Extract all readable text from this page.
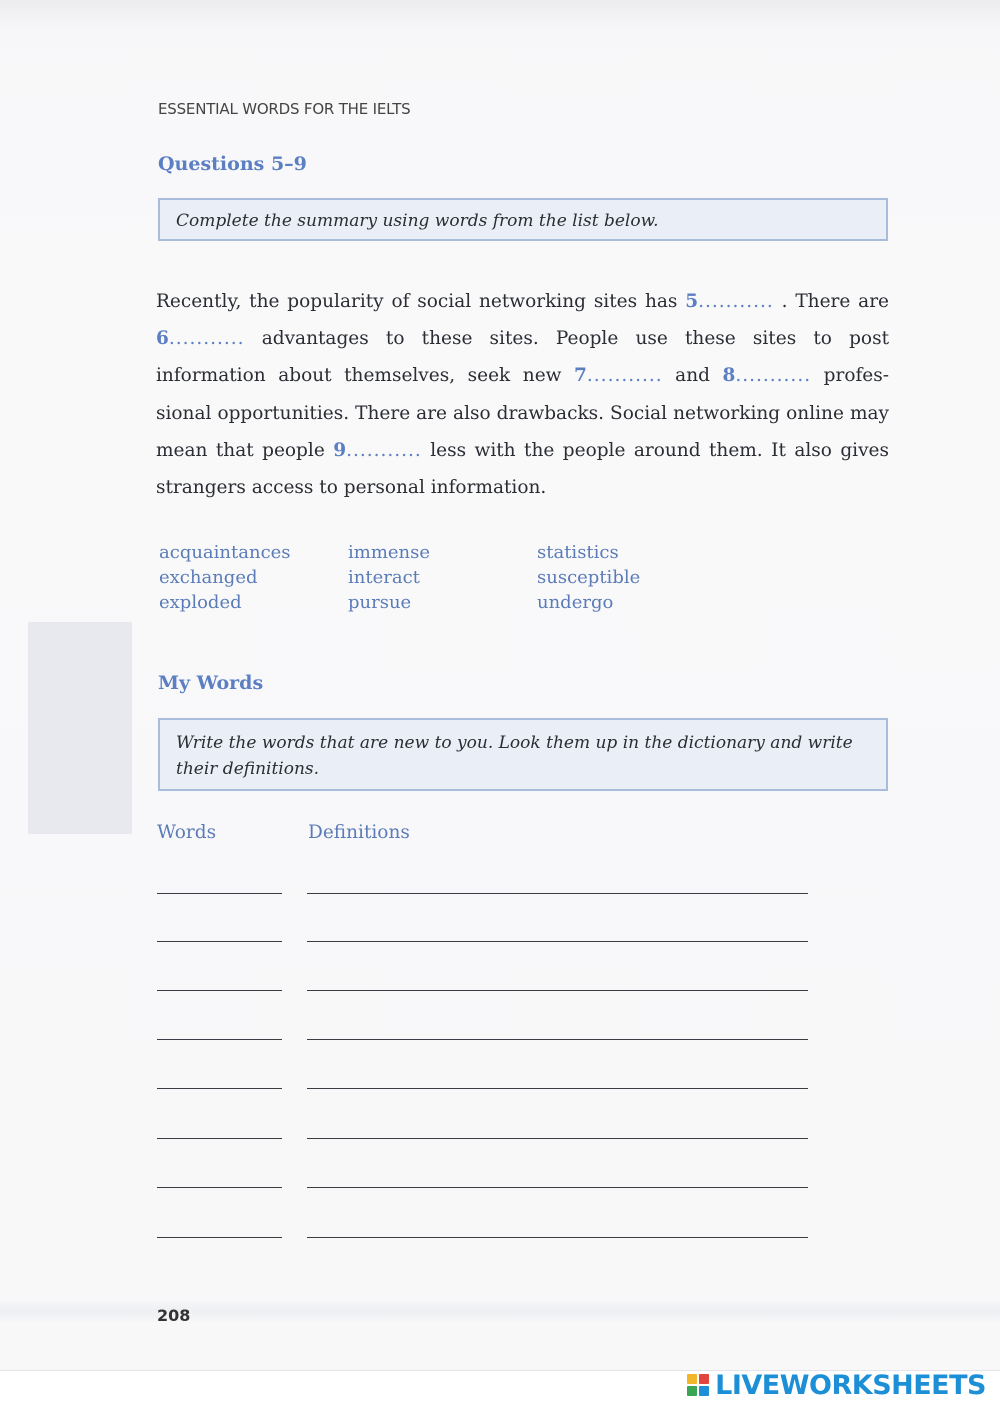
ESSENTIAL WORDS FOR THE IELTS
Questions 5–9
Complete the summary using words from the list below.
Recently, the popularity of social networking sites has 5........... . There are 6........... advantages to these sites. People use these sites to post information about themselves, seek new 7........... and 8........... profes-sional opportunities. There are also drawbacks. Social networking online may mean that people 9........... less with the people around them. It also gives strangers access to personal information.
acquaintances	immense	statistics
exchanged	interact	susceptible
exploded	pursue	undergo
My Words
Write the words that are new to you. Look them up in the dictionary and write their definitions.
Words	Definitions
208
LIVEWORKSHEETS
